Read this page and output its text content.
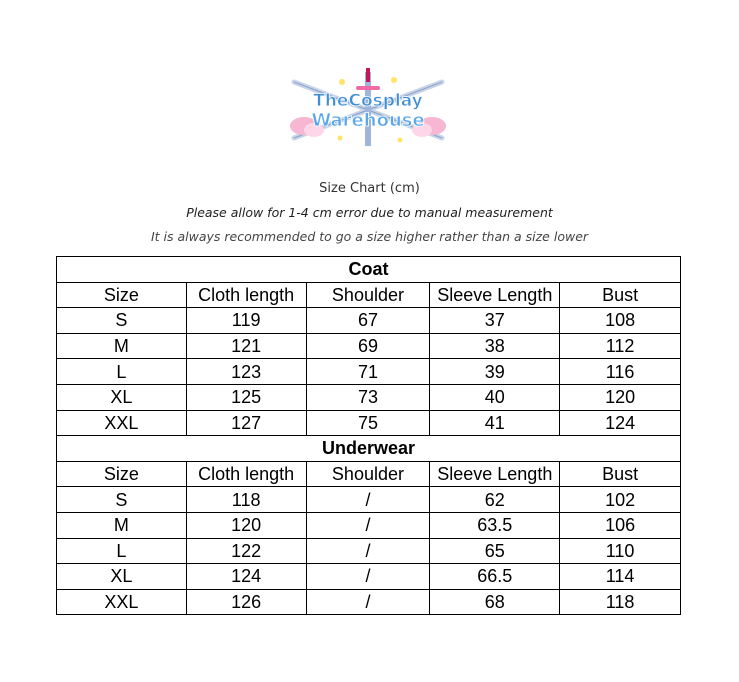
TheCosplay
Warehouse
Size Chart (cm)
Please allow for 1-4 cm error due to manual measurement
It is always recommended to go a size higher rather than a size lower
Coat				
Size	Cloth length	Shoulder	Sleeve Length	Bust
S	119	67	37	108
M	121	69	38	112
L	123	71	39	116
XL	125	73	40	120
XXL	127	75	41	124
Underwear				
Size	Cloth length	Shoulder	Sleeve Length	Bust
S	118	/	62	102
M	120	/	63.5	106
L	122	/	65	110
XL	124	/	66.5	114
XXL	126	/	68	118
